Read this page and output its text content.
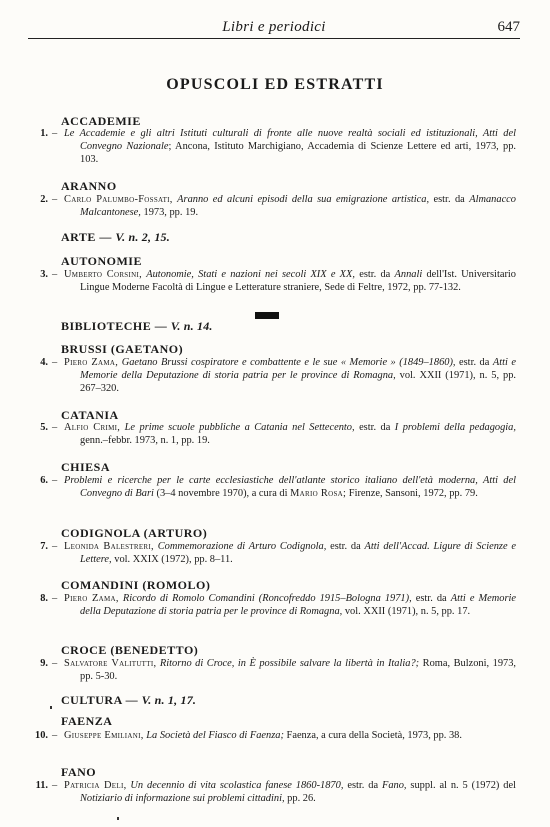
Libri e periodici	647
OPUSCOLI ED ESTRATTI
ACCADEMIE
1. – Le Accademie e gli altri Istituti culturali di fronte alle nuove realtà sociali ed istituzionali, Atti del Convegno Nazionale; Ancona, Istituto Marchigiano, Accademia di Scienze Lettere ed arti, 1973, pp. 103.
ARANNO
2. – Carlo Palumbo-Fossati, Aranno ed alcuni episodi della sua emigrazione artistica, estr. da Almanacco Malcantonese, 1973, pp. 19.
ARTE — V. n. 2, 15.
AUTONOMIE
3. – Umberto Corsini, Autonomie, Stati e nazioni nei secoli XIX e XX, estr. da Annali dell'Ist. Universitario Lingue Moderne Facoltà di Lingue e Letterature straniere, Sede di Feltre, 1972, pp. 77-132.
BIBLIOTECHE — V. n. 14.
BRUSSI (GAETANO)
4. – Piero Zama, Gaetano Brussi cospiratore e combattente e le sue « Memorie » (1849–1860), estr. da Atti e Memorie della Deputazione di storia patria per le province di Romagna, vol. XXII (1971), n. 5, pp. 267–320.
CATANIA
5. – Alfio Crimi, Le prime scuole pubbliche a Catania nel Settecento, estr. da I problemi della pedagogia, genn.–febbr. 1973, n. 1, pp. 19.
CHIESA
6. – Problemi e ricerche per le carte ecclesiastiche dell'atlante storico italiano dell'età moderna, Atti del Convegno di Bari (3–4 novembre 1970), a cura di Mario Rosa; Firenze, Sansoni, 1972, pp. 79.
CODIGNOLA (ARTURO)
7. – Leonida Balestreri, Commemorazione di Arturo Codignola, estr. da Atti dell'Accad. Ligure di Scienze e Lettere, vol. XXIX (1972), pp. 8–11.
COMANDINI (ROMOLO)
8. – Piero Zama, Ricordo di Romolo Comandini (Roncofreddo 1915–Bologna 1971), estr. da Atti e Memorie della Deputazione di storia patria per le province di Romagna, vol. XXII (1971), n. 5, pp. 17.
CROCE (BENEDETTO)
9. – Salvatore Valitutti, Ritorno di Croce, in È possibile salvare la libertà in Italia?; Roma, Bulzoni, 1973, pp. 5-30.
CULTURA — V. n. 1, 17.
FAENZA
10. – Giuseppe Emiliani, La Società del Fiasco di Faenza; Faenza, a cura della Società, 1973, pp. 38.
FANO
11. – Patricia Deli, Un decennio di vita scolastica fanese 1860-1870, estr. da Fano, suppl. al n. 5 (1972) del Notiziario di informazione sui problemi cittadini, pp. 26.
